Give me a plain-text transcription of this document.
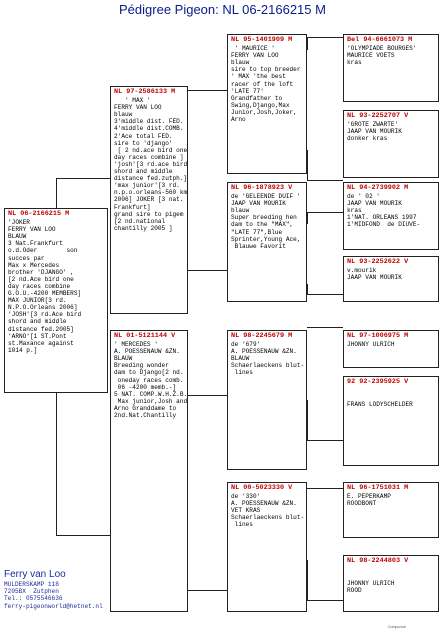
Pédigree Pigeon: NL 06-2166215 M
NL 06-2166215 M
'JOKER
FERRY VAN LOO
BLAUW
3 Nat.Frankfurt
o.d.Oder        son
succes par
Max x Mercedes
brother 'DJANGO' ,
[2 nd.Ace bird one
day races combine
G.O.U.-4200 MEMBERS]
MAX JUNIOR[3 rd.
N.P.O.Orleans 2006]
'JOSH'[3 rd.Ace bird
shord and middle
distance fed.2005]
'ARNO'[1 ST.Pont
st.Maxance against
1014 p.]
NL 97-2586133 M
' MAX '
FERRY VAN LOO
blauw
3'middle dist. FED.
4'middle dist.COMB.
2'Ace total FED.
sire to 'django'
[ 2 nd.ace bird one
day races combine ]
'josh'[3 rd.ace bird
shord and middle
distance fed.zutph.]
'max junior'[3 rd.
n.p.o.orleans-560 km
2006] JOKER [3 nat.
Frankfurt]
grand sire to pigem
[2 nd.national
chantilly 2005 ]
NL 01-5121144 V
' MERCEDES '
A. POESSENAUW &ZN.
BLAUW
Breeding wonder
dam to Django[2 nd.
oneday races comb.
06 -4200 memb.-]
5 NAT. COMP.W.H.Z.B.
Max junior,Josh and
Arno Granddame to
2nd.Nat.Chantilly
NL 95-1401909 M
' MAURICE '
FERRY VAN LOO
blauw
sire to top breeder
' MAX 'the best
racer of the loft
'LATE 77'
Grandfather to
Swing,Django,Max
Junior,Josh,Joker,
Arno
NL 96-1878923 V
de 'GELEENDE DUIF '
JAAP VAN MOURIK
blauw
Super breeding hen
dam to the "MAX",
"LATE 77",Blue
Sprinter,Young Ace,
Blauwe Favorit
NL 98-2245679 M
de '679'
A. POESSENAUW &ZN.
BLAUW
Schaerlaeckens blut-
lines
NL 00-5023330 V
de '330'
A. POESSENAUW &ZN.
VET KRAS
Schaerlaeckens blut-
lines
Bel 94-6661073 M
'OLYMPIADE BOURGES'
MAURICE VOETS
kras
NL 93-2252707 V
'GROTE ZWARTE'
JAAP VAN MOURIK
donker kras
NL 94-2739902 M
de ' 02 '
JAAP VAN MOURIK
kras
1'NAT. ORLEANS 1997
1'MIDFOND  de DIUVE-
NL 93-2252622 V
v.mourik
JAAP VAN MOURIK
NL 97-1006975 M
JHONNY ULRICH
92 92-2395925 V
FRANS LODYSCHELDER
NL 96-1751031 M
E. PEPERKAMP
ROODBONT
NL 98-2244803 V
JHONNY ULRICH
ROOD
Ferry van Loo
MULDERSKAMP 118
7205BX  Zutphen
Tel.: 0575546636
ferry-pigeonworld@hetnet.nl
Compuclub
